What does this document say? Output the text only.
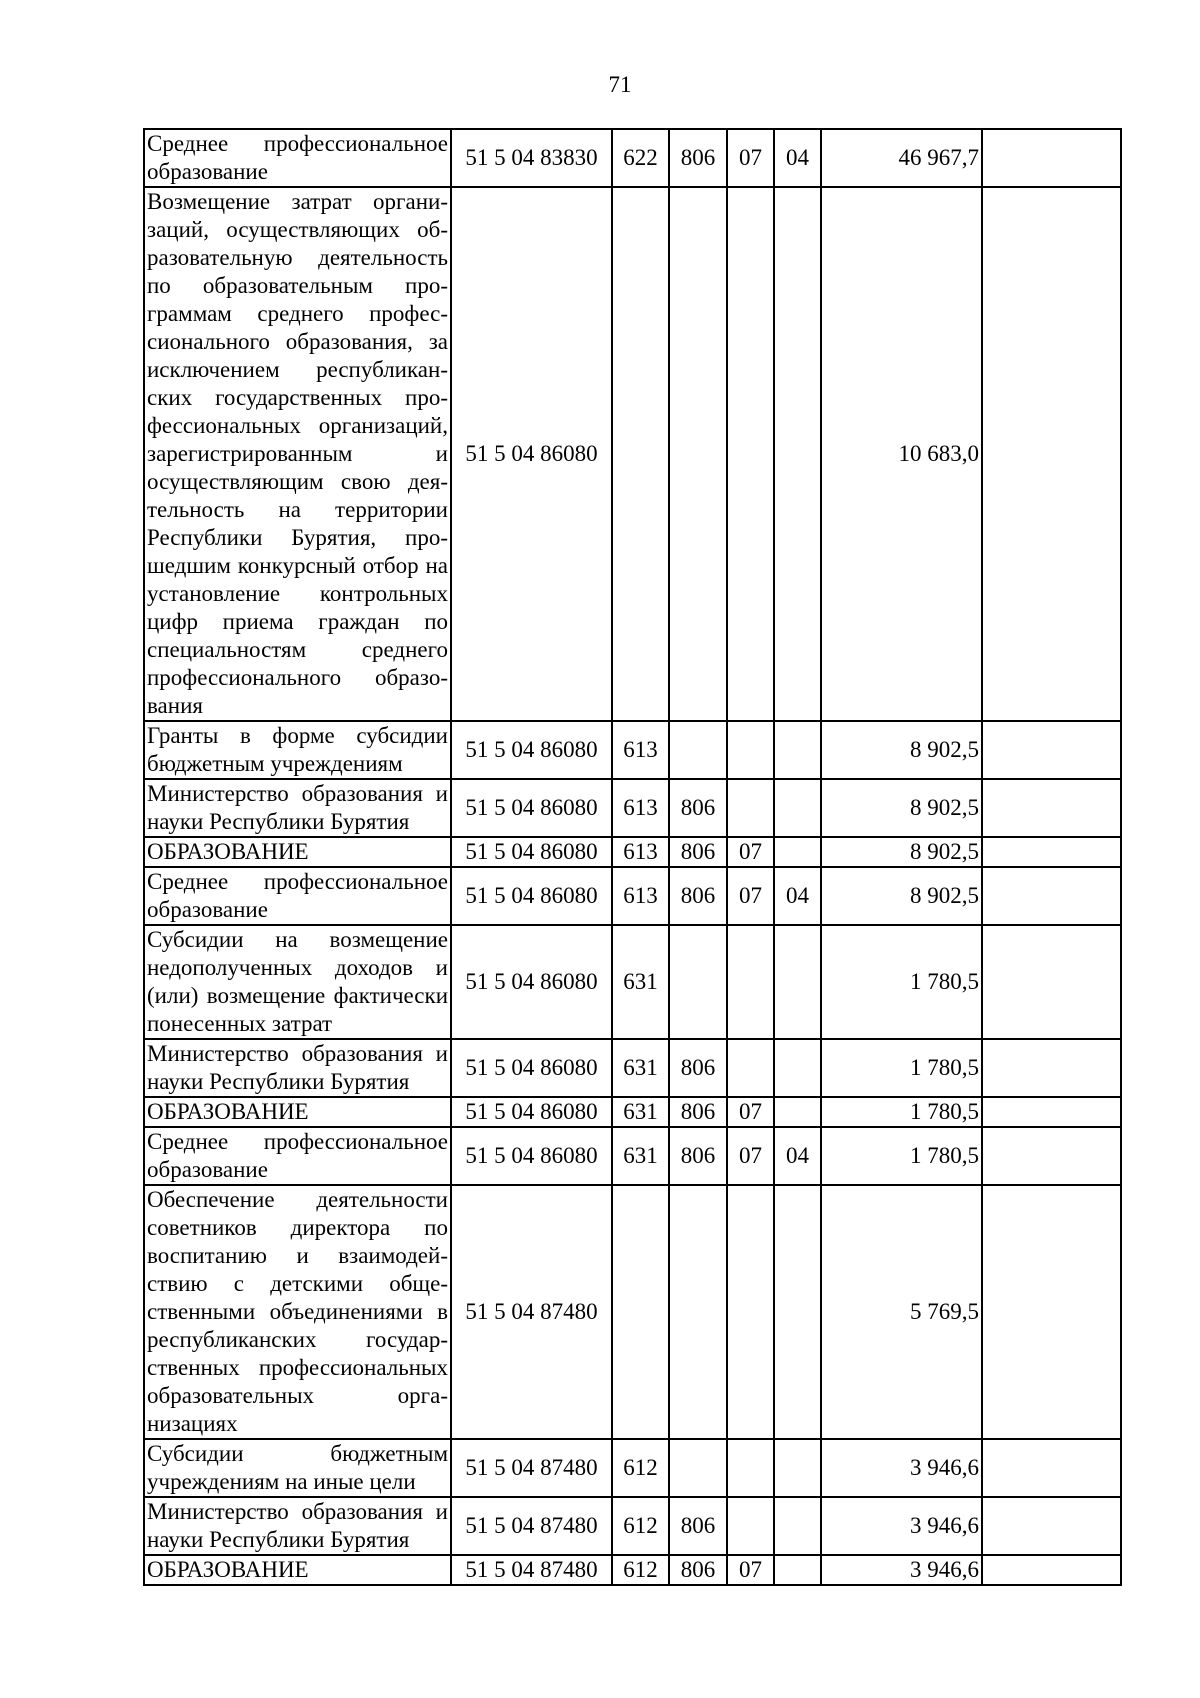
71
Среднее профессиональное образование	51 5 04 83830	622	806	07	04	46 967,7	
Возмещение затрат организаций, осуществляющих образовательную деятельность по образовательным программам среднего профессионального образования, за исключением республиканских государственных профессиональных организаций, зарегистрированным и осуществляющим свою деятельность на территории Республики Бурятия, прошедшим конкурсный отбор на установление контрольных цифр приема граждан по специальностям среднего профессионального образования	51 5 04 86080					10 683,0	
Гранты в форме субсидии бюджетным учреждениям	51 5 04 86080	613				8 902,5	
Министерство образования и науки Республики Бурятия	51 5 04 86080	613	806			8 902,5	
ОБРАЗОВАНИЕ	51 5 04 86080	613	806	07		8 902,5	
Среднее профессиональное образование	51 5 04 86080	613	806	07	04	8 902,5	
Субсидии на возмещение недополученных доходов и (или) возмещение фактически понесенных затрат	51 5 04 86080	631				1 780,5	
Министерство образования и науки Республики Бурятия	51 5 04 86080	631	806			1 780,5	
ОБРАЗОВАНИЕ	51 5 04 86080	631	806	07		1 780,5	
Среднее профессиональное образование	51 5 04 86080	631	806	07	04	1 780,5	
Обеспечение деятельности советников директора по воспитанию и взаимодействию с детскими общественными объединениями в республиканских государственных профессиональных образовательных организациях	51 5 04 87480					5 769,5	
Субсидии бюджетным учреждениям на иные цели	51 5 04 87480	612				3 946,6	
Министерство образования и науки Республики Бурятия	51 5 04 87480	612	806			3 946,6	
ОБРАЗОВАНИЕ	51 5 04 87480	612	806	07		3 946,6	
